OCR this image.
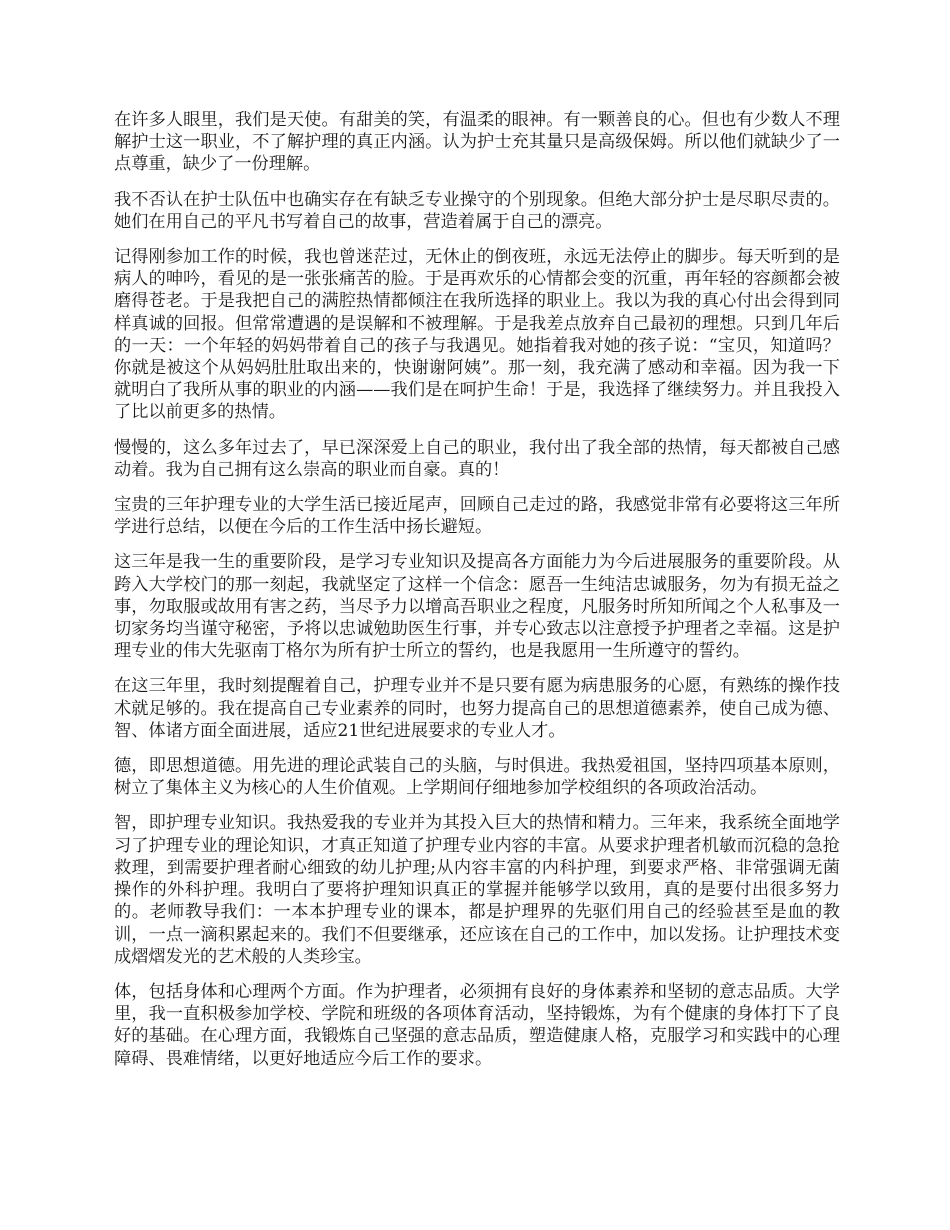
在许多人眼里，我们是天使。有甜美的笑，有温柔的眼神。有一颗善良的心。但也有少数人不理解护士这一职业，不了解护理的真正内涵。认为护士充其量只是高级保姆。所以他们就缺少了一点尊重，缺少了一份理解。

我不否认在护士队伍中也确实存在有缺乏专业操守的个别现象。但绝大部分护士是尽职尽责的。她们在用自己的平凡书写着自己的故事，营造着属于自己的漂亮。

记得刚参加工作的时候，我也曾迷茫过，无休止的倒夜班，永远无法停止的脚步。每天听到的是病人的呻吟，看见的是一张张痛苦的脸。于是再欢乐的心情都会变的沉重，再年轻的容颜都会被磨得苍老。于是我把自己的满腔热情都倾注在我所选择的职业上。我以为我的真心付出会得到同样真诚的回报。但常常遭遇的是误解和不被理解。于是我差点放弃自己最初的理想。只到几年后的一天：一个年轻的妈妈带着自己的孩子与我遇见。她指着我对她的孩子说：“宝贝，知道吗？你就是被这个从妈妈肚肚取出来的，快谢谢阿姨”。那一刻，我充满了感动和幸福。因为我一下就明白了我所从事的职业的内涵——我们是在呵护生命！于是，我选择了继续努力。并且我投入了比以前更多的热情。

慢慢的，这么多年过去了，早已深深爱上自己的职业，我付出了我全部的热情，每天都被自己感动着。我为自己拥有这么崇高的职业而自豪。真的！

宝贵的三年护理专业的大学生活已接近尾声，回顾自己走过的路，我感觉非常有必要将这三年所学进行总结，以便在今后的工作生活中扬长避短。

这三年是我一生的重要阶段，是学习专业知识及提高各方面能力为今后进展服务的重要阶段。从跨入大学校门的那一刻起，我就坚定了这样一个信念：愿吾一生纯洁忠诚服务，勿为有损无益之事，勿取服或故用有害之药，当尽予力以增高吾职业之程度，凡服务时所知所闻之个人私事及一切家务均当谨守秘密，予将以忠诚勉助医生行事，并专心致志以注意授予护理者之幸福。这是护理专业的伟大先驱南丁格尔为所有护士所立的誓约，也是我愿用一生所遵守的誓约。

在这三年里，我时刻提醒着自己，护理专业并不是只要有愿为病患服务的心愿，有熟练的操作技术就足够的。我在提高自己专业素养的同时，也努力提高自己的思想道德素养，使自己成为德、智、体诸方面全面进展，适应21世纪进展要求的专业人才。

德，即思想道德。用先进的理论武装自己的头脑，与时俱进。我热爱祖国，坚持四项基本原则，树立了集体主义为核心的人生价值观。上学期间仔细地参加学校组织的各项政治活动。

智，即护理专业知识。我热爱我的专业并为其投入巨大的热情和精力。三年来，我系统全面地学习了护理专业的理论知识，才真正知道了护理专业内容的丰富。从要求护理者机敏而沉稳的急抢救理，到需要护理者耐心细致的幼儿护理;从内容丰富的内科护理，到要求严格、非常强调无菌操作的外科护理。我明白了要将护理知识真正的掌握并能够学以致用，真的是要付出很多努力的。老师教导我们：一本本护理专业的课本，都是护理界的先驱们用自己的经验甚至是血的教训，一点一滴积累起来的。我们不但要继承，还应该在自己的工作中，加以发扬。让护理技术变成熠熠发光的艺术般的人类珍宝。

体，包括身体和心理两个方面。作为护理者，必须拥有良好的身体素养和坚韧的意志品质。大学里，我一直积极参加学校、学院和班级的各项体育活动，坚持锻炼，为有个健康的身体打下了良好的基础。在心理方面，我锻炼自己坚强的意志品质，塑造健康人格，克服学习和实践中的心理障碍、畏难情绪，以更好地适应今后工作的要求。
